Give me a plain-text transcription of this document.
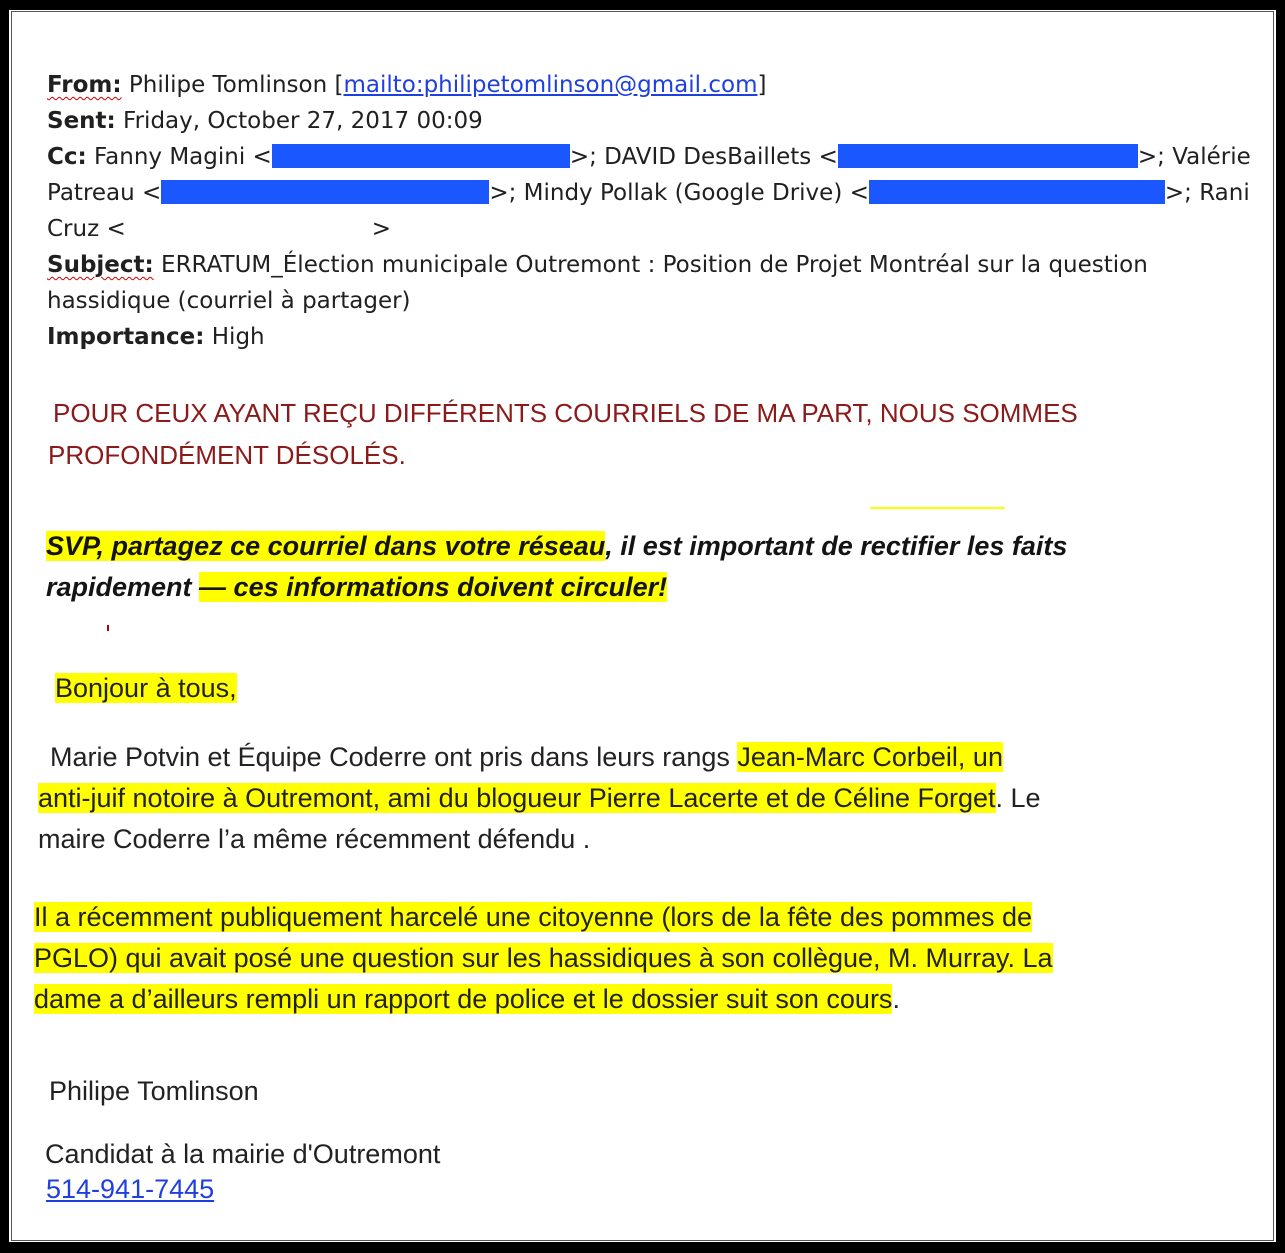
From: Philipe Tomlinson [mailto:philipetomlinson@gmail.com]
Sent: Friday, October 27, 2017 00:09
Cc: Fanny Magini <	>; DAVID DesBaillets <	>; Valérie
Patreau <	>; Mindy Pollak (Google Drive) <	>; Rani
Cruz <	>
Subject: ERRATUM_Élection municipale Outremont : Position de Projet Montréal sur la question
hassidique (courriel à partager)
Importance: High
POUR CEUX AYANT REÇU DIFFÉRENTS COURRIELS DE MA PART, NOUS SOMMES
PROFONDÉMENT DÉSOLÉS.
SVP, partagez ce courriel dans votre réseau, il est important de rectifier les faits
rapidement — ces informations doivent circuler!
Bonjour à tous,
Marie Potvin et Équipe Coderre ont pris dans leurs rangs Jean-Marc Corbeil, un
anti-juif notoire à Outremont, ami du blogueur Pierre Lacerte et de Céline Forget. Le
maire Coderre l’a même récemment défendu .
Il a récemment publiquement harcelé une citoyenne (lors de la fête des pommes de
PGLO) qui avait posé une question sur les hassidiques à son collègue, M. Murray. La
dame a d’ailleurs rempli un rapport de police et le dossier suit son cours.
Philipe Tomlinson
Candidat à la mairie d'Outremont
514-941-7445
